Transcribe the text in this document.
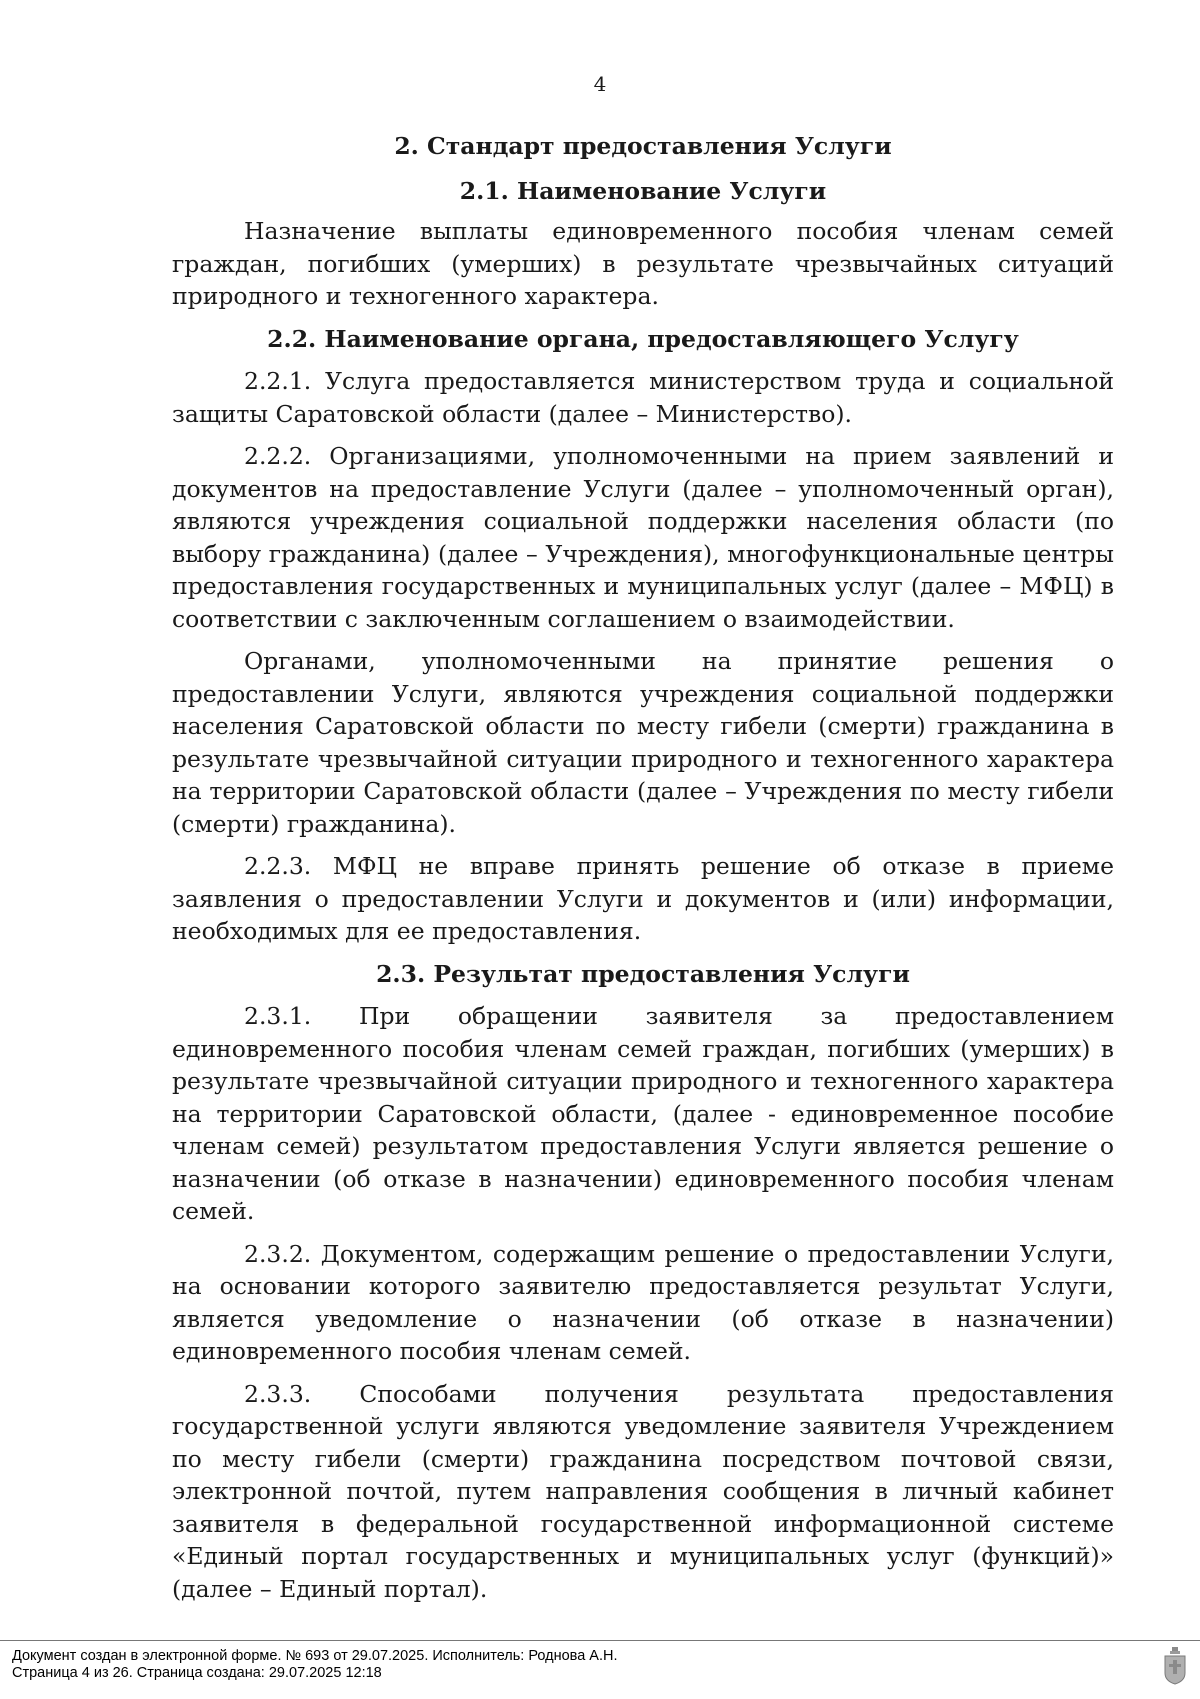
4

2. Стандарт предоставления Услуги

2.1. Наименование Услуги

Назначение выплаты единовременного пособия членам семей граждан, погибших (умерших) в результате чрезвычайных ситуаций природного и техногенного характера.

2.2. Наименование органа, предоставляющего Услугу

2.2.1. Услуга предоставляется министерством труда и социальной защиты Саратовской области (далее – Министерство).

2.2.2. Организациями, уполномоченными на прием заявлений и документов на предоставление Услуги (далее – уполномоченный орган), являются учреждения социальной поддержки населения области (по выбору гражданина) (далее – Учреждения), многофункциональные центры предоставления государственных и муниципальных услуг (далее – МФЦ) в соответствии с заключенным соглашением о взаимодействии.

Органами, уполномоченными на принятие решения о предоставлении Услуги, являются учреждения социальной поддержки населения Саратовской области по месту гибели (смерти) гражданина в результате чрезвычайной ситуации природного и техногенного характера на территории Саратовской области (далее – Учреждения по месту гибели (смерти) гражданина).

2.2.3. МФЦ не вправе принять решение об отказе в приеме заявления о предоставлении Услуги и документов и (или) информации, необходимых для ее предоставления.

2.3. Результат предоставления Услуги

2.3.1. При обращении заявителя за предоставлением единовременного пособия членам семей граждан, погибших (умерших) в результате чрезвычайной ситуации природного и техногенного характера на территории Саратовской области, (далее - единовременное пособие членам семей) результатом предоставления Услуги является решение о назначении (об отказе в назначении) единовременного пособия членам семей.

2.3.2. Документом, содержащим решение о предоставлении Услуги, на основании которого заявителю предоставляется результат Услуги, является уведомление о назначении (об отказе в назначении) единовременного пособия членам семей.

2.3.3. Способами получения результата предоставления государственной услуги являются уведомление заявителя Учреждением по месту гибели (смерти) гражданина посредством почтовой связи, электронной почтой, путем направления сообщения в личный кабинет заявителя в федеральной государственной информационной системе «Единый портал государственных и муниципальных услуг (функций)» (далее – Единый портал).

Документ создан в электронной форме. № 693 от 29.07.2025. Исполнитель: Роднова А.Н.
Страница 4 из 26. Страница создана: 29.07.2025 12:18
